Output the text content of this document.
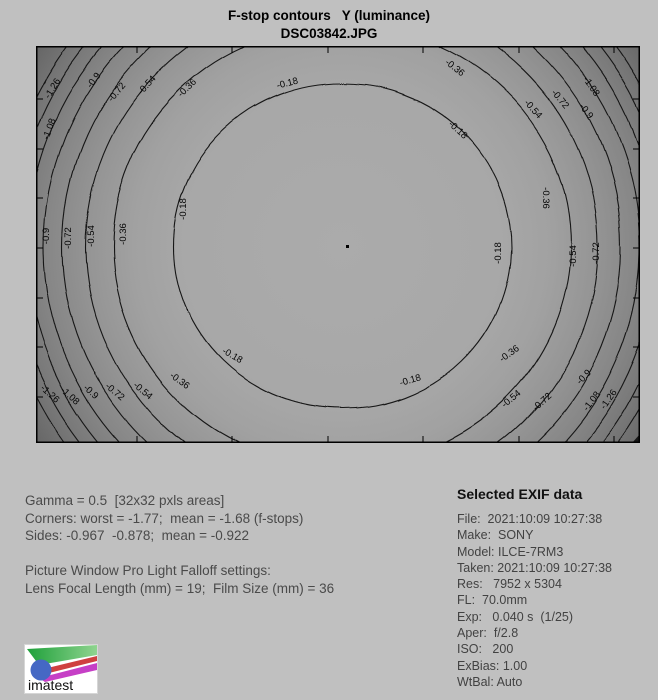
F-stop contours   Y (luminance)
DSC03842.JPG
-1.26
-1.08
-0.9
-0.72 -0.54 -0.36	-0.18
-0.36
-0.18
-0.54 -0.72
-0.9
-1.08
-0.36
-0.18	-0.54 -0.72
-0.9 -0.72 -0.54 -0.36
-0.18
-1.26
-1.08 -0.9 -0.72 -0.54 -0.36
-0.18
-0.18
-0.36
-0.54 -0.72
-0.9
-1.08
-1.26
Gamma = 0.5  [32x32 pxls areas]
Corners: worst = -1.77;  mean = -1.68 (f-stops)
Sides: -0.967  -0.878;  mean = -0.922

Picture Window Pro Light Falloff settings:
Lens Focal Length (mm) = 19;  Film Size (mm) = 36
Selected EXIF data
File:  2021:10:09 10:27:38
Make:  SONY
Model: ILCE-7RM3
Taken: 2021:10:09 10:27:38
Res:   7952 x 5304
FL:  70.0mm
Exp:   0.040 s  (1/25)
Aper:  f/2.8
ISO:   200
ExBias: 1.00
WtBal: Auto
imatest
